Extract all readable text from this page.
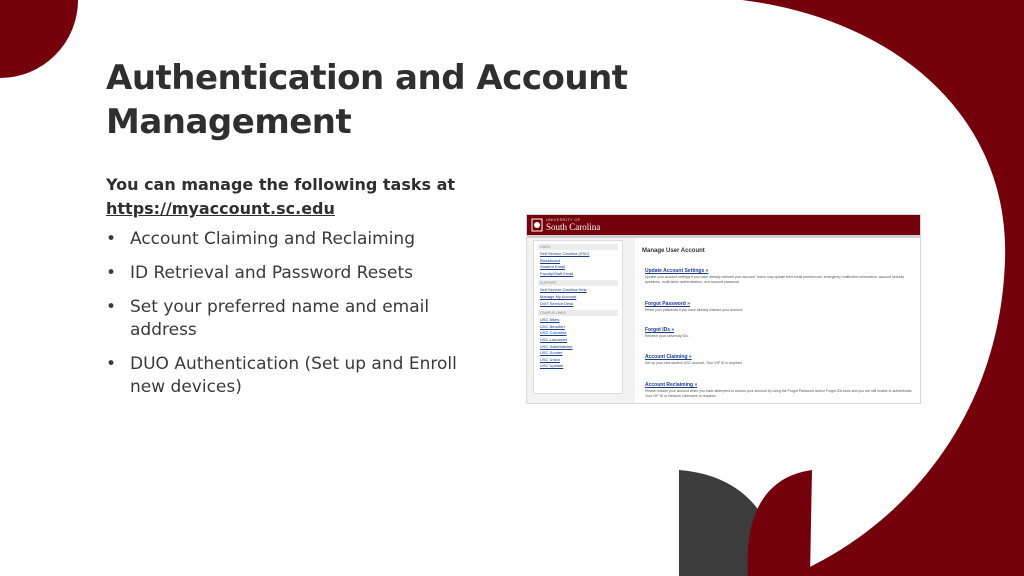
Authentication and Account
Management

You can manage the following tasks at
https://myaccount.sc.edu

• Account Claiming and Reclaiming
• ID Retrieval and Password Resets
• Set your preferred name and email address
• DUO Authentication (Set up and Enroll new devices)
UNIVERSITY OF
South Carolina
LINKS
Self Service Carolina (SSC)
Blackboard
Student Email
Faculty/Staff Email
SUPPORT
Self Service Carolina Help
Manage My Account
DoIT Service Desk
CAMPUS LINKS
USC Aiken
USC Beaufort
USC Columbia
USC Lancaster
USC Salkehatchie
USC Sumter
USC Union
USC Upstate
Manage User Account
Update Account Settings »
Update your account settings if you have already claimed your account. Users may update their email preferences, emergency notification information, account security questions, multi-factor authentication, and account password.
Forgot Password »
Reset your password if you have already claimed your account.
Forgot IDs »
Retrieve your university IDs.
Account Claiming »
Set up your new student USC account. Your VIP ID is required.
Account Reclaiming »
Please reclaim your account when you have attempted to access your account by using the Forgot Password and/or Forgot IDs tools and you are still unable to authenticate. Your VIP ID or Network Username is required.
